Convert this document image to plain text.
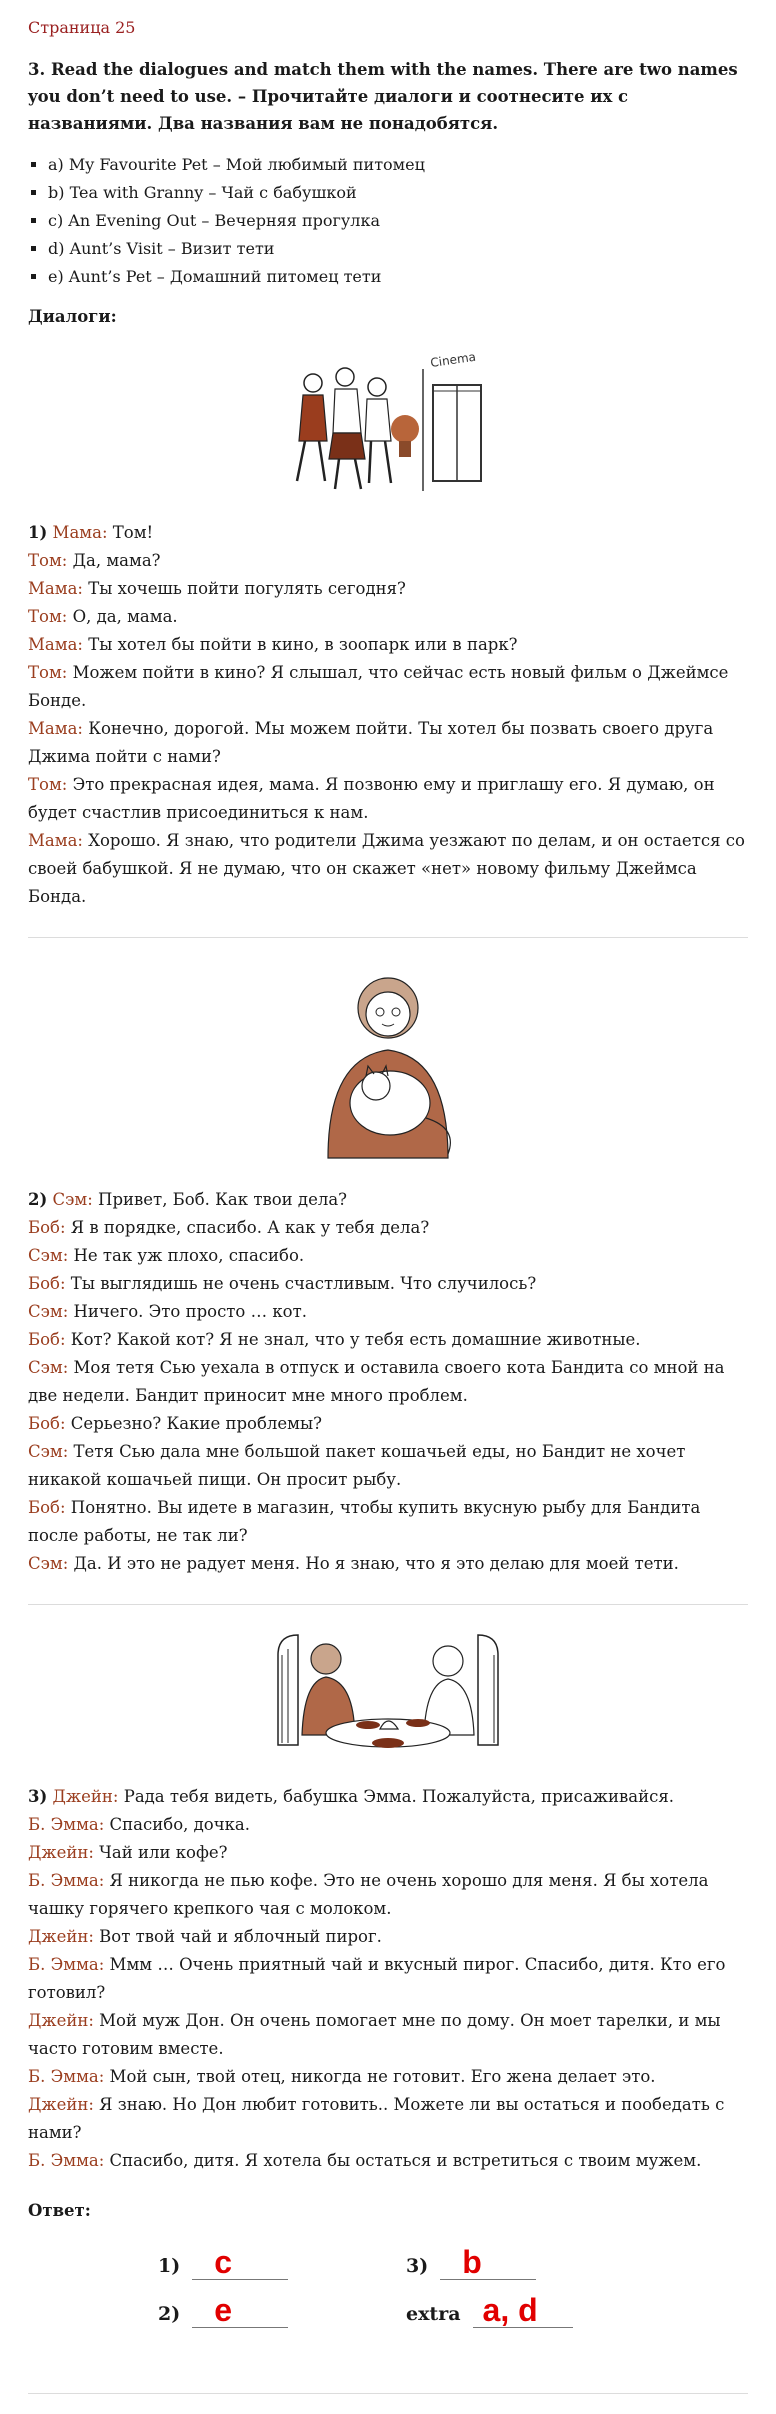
Страница 25

3. Read the dialogues and match them with the names. There are two names you don’t need to use. – Прочитайте диалоги и соотнесите их с названиями. Два названия вам не понадобятся.

▪ a) My Favourite Pet – Мой любимый питомец
▪ b) Tea with Granny – Чай с бабушкой
▪ c) An Evening Out – Вечерняя прогулка
▪ d) Aunt’s Visit – Визит тети
▪ e) Aunt’s Pet – Домашний питомец тети

Диалоги:

Cinema

1) Мама: Том!

Том: Да, мама?

Мама: Ты хочешь пойти погулять сегодня?

Том: О, да, мама.

Мама: Ты хотел бы пойти в кино, в зоопарк или в парк?

Том: Можем пойти в кино? Я слышал, что сейчас есть новый фильм о Джеймсе Бонде.

Мама: Конечно, дорогой. Мы можем пойти. Ты хотел бы позвать своего друга Джима пойти с нами?

Том: Это прекрасная идея, мама. Я позвоню ему и приглашу его. Я думаю, он будет счастлив присоединиться к нам.

Мама: Хорошо. Я знаю, что родители Джима уезжают по делам, и он остается со своей бабушкой. Я не думаю, что он скажет «нет» новому фильму Джеймса Бонда.

2) Сэм: Привет, Боб. Как твои дела?

Боб: Я в порядке, спасибо. А как у тебя дела?

Сэм: Не так уж плохо, спасибо.

Боб: Ты выглядишь не очень счастливым. Что случилось?

Сэм: Ничего. Это просто … кот.

Боб: Кот? Какой кот? Я не знал, что у тебя есть домашние животные.

Сэм: Моя тетя Сью уехала в отпуск и оставила своего кота Бандита со мной на две недели. Бандит приносит мне много проблем.

Боб: Серьезно? Какие проблемы?

Сэм: Тетя Сью дала мне большой пакет кошачьей еды, но Бандит не хочет никакой кошачьей пищи. Он просит рыбу.

Боб: Понятно. Вы идете в магазин, чтобы купить вкусную рыбу для Бандита после работы, не так ли?

Сэм: Да. И это не радует меня. Но я знаю, что я это делаю для моей тети.

3) Джейн: Рада тебя видеть, бабушка Эмма. Пожалуйста, присаживайся.

Б. Эмма: Спасибо, дочка.

Джейн: Чай или кофе?

Б. Эмма: Я никогда не пью кофе. Это не очень хорошо для меня. Я бы хотела чашку горячего крепкого чая с молоком.

Джейн: Вот твой чай и яблочный пирог.

Б. Эмма: Ммм … Очень приятный чай и вкусный пирог. Спасибо, дитя. Кто его готовил?

Джейн: Мой муж Дон. Он очень помогает мне по дому. Он моет тарелки, и мы часто готовим вместе.

Б. Эмма: Мой сын, твой отец, никогда не готовит. Его жена делает это.

Джейн: Я знаю. Но Дон любит готовить.. Можете ли вы остаться и пообедать с нами?

Б. Эмма: Спасибо, дитя. Я хотела бы остаться и встретиться с твоим мужем.

Ответ:

1) c	3) b
2) e	extra a, d
